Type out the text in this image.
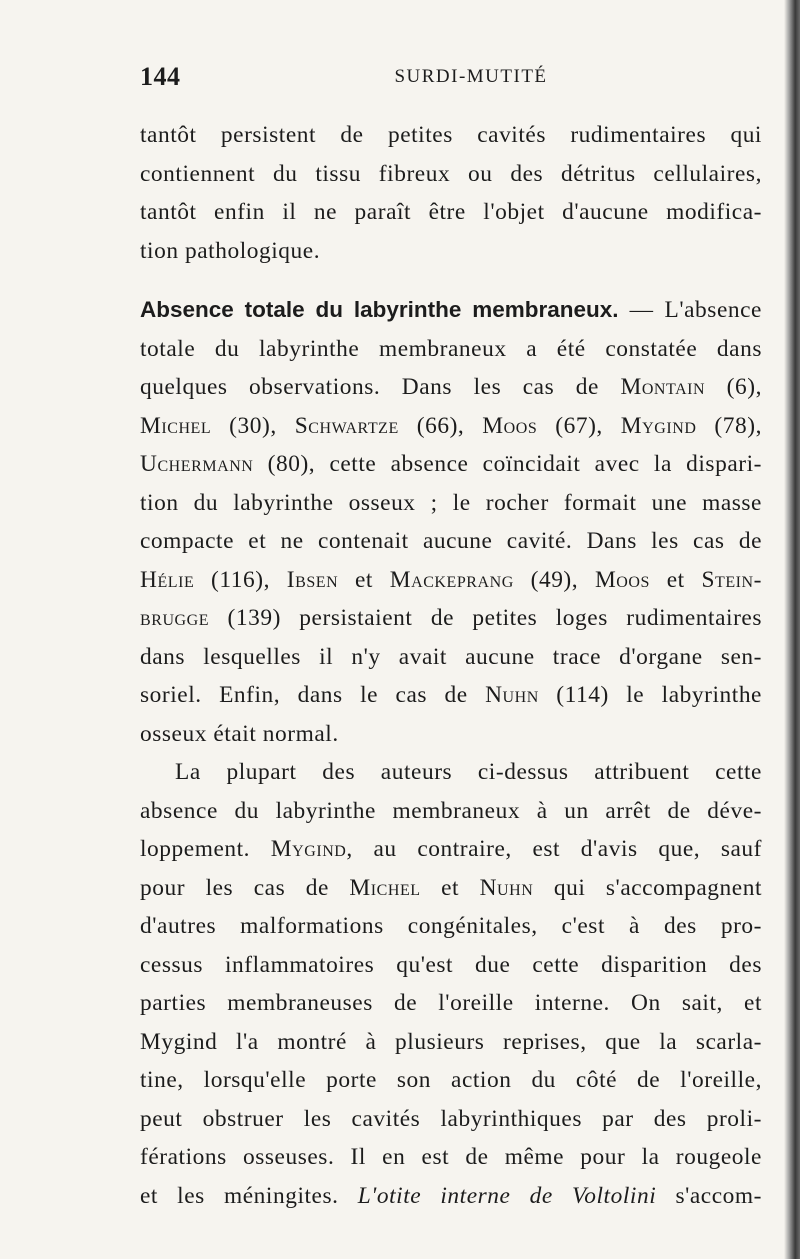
144	SURDI-MUTITÉ
tantôt persistent de petites cavités rudimentaires qui
contiennent du tissu fibreux ou des détritus cellulaires,
tantôt enfin il ne paraît être l'objet d'aucune modifica-
tion pathologique.
Absence totale du labyrinthe membraneux. — L'absence
totale du labyrinthe membraneux a été constatée dans
quelques observations. Dans les cas de Montain (6),
Michel (30), Schwartze (66), Moos (67), Mygind (78),
Uchermann (80), cette absence coïncidait avec la dispari-
tion du labyrinthe osseux ; le rocher formait une masse
compacte et ne contenait aucune cavité. Dans les cas de
Hélie (116), Ibsen et Mackeprang (49), Moos et Stein-
brugge (139) persistaient de petites loges rudimentaires
dans lesquelles il n'y avait aucune trace d'organe sen-
soriel. Enfin, dans le cas de Nuhn (114) le labyrinthe
osseux était normal.
La plupart des auteurs ci-dessus attribuent cette
absence du labyrinthe membraneux à un arrêt de déve-
loppement. Mygind, au contraire, est d'avis que, sauf
pour les cas de Michel et Nuhn qui s'accompagnent
d'autres malformations congénitales, c'est à des pro-
cessus inflammatoires qu'est due cette disparition des
parties membraneuses de l'oreille interne. On sait, et
Mygind l'a montré à plusieurs reprises, que la scarla-
tine, lorsqu'elle porte son action du côté de l'oreille,
peut obstruer les cavités labyrinthiques par des proli-
férations osseuses. Il en est de même pour la rougeole
et les méningites. L'otite interne de Voltolini s'accom-
